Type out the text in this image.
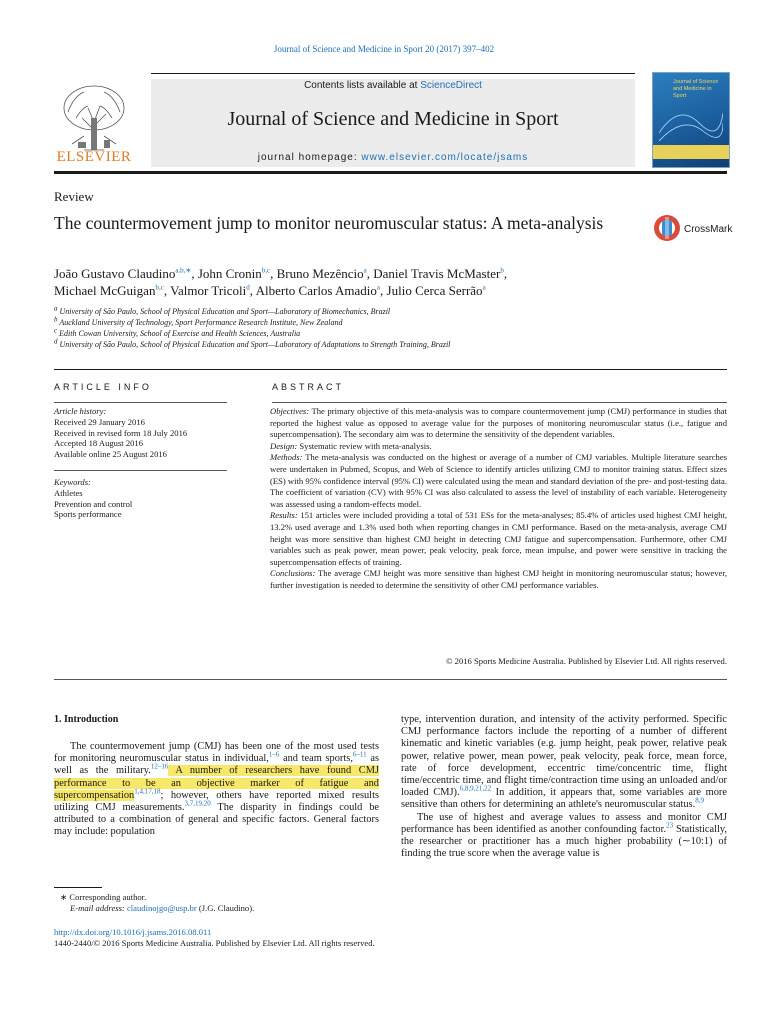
Journal of Science and Medicine in Sport 20 (2017) 397–402
ELSEVIER
Contents lists available at ScienceDirect
Journal of Science and Medicine in Sport
journal homepage: www.elsevier.com/locate/jsams
Journal of Science and Medicine in Sport
Review
The countermovement jump to monitor neuromuscular status: A meta-analysis	CrossMark
João Gustavo Claudino$^{a,b,∗}$, John Cronin$^{b,c}$, Bruno Mezêncio$^a$, Daniel Travis McMaster$^b$,
Michael McGuigan$^{b,c}$, Valmor Tricoli$^d$, Alberto Carlos Amadio$^a$, Julio Cerca Serrão$^a$
$^a$ University of São Paulo, School of Physical Education and Sport—Laboratory of Biomechanics, Brazil
$^b$ Auckland University of Technology, Sport Performance Research Institute, New Zealand
$^c$ Edith Cowan University, School of Exercise and Health Sciences, Australia
$^d$ University of São Paulo, School of Physical Education and Sport—Laboratory of Adaptations to Strength Training, Brazil
ARTICLE INFO
Article history:
Received 29 January 2016
Received in revised form 18 July 2016
Accepted 18 August 2016
Available online 25 August 2016
Keywords:
Athletes
Prevention and control
Sports performance
ABSTRACT
Objectives: The primary objective of this meta-analysis was to compare countermovement jump (CMJ) performance in studies that reported the highest value as opposed to average value for the purposes of monitoring neuromuscular status (i.e., fatigue and supercompensation). The secondary aim was to determine the sensitivity of the dependent variables.
Design: Systematic review with meta-analysis.
Methods: The meta-analysis was conducted on the highest or average of a number of CMJ variables. Multiple literature searches were undertaken in Pubmed, Scopus, and Web of Science to identify articles utilizing CMJ to monitor training status. Effect sizes (ES) with 95% confidence interval (95% CI) were calculated using the mean and standard deviation of the pre- and post-testing data. The coefficient of variation (CV) with 95% CI was also calculated to assess the level of instability of each variable. Heterogeneity was assessed using a random-effects model.
Results: 151 articles were included providing a total of 531 ESs for the meta-analyses; 85.4% of articles used highest CMJ height, 13.2% used average and 1.3% used both when reporting changes in CMJ performance. Based on the meta-analysis, average CMJ height was more sensitive than highest CMJ height in detecting CMJ fatigue and supercompensation. Furthermore, other CMJ variables such as peak power, mean power, peak velocity, peak force, mean impulse, and power were sensitive in tracking the supercompensation effects of training.
Conclusions: The average CMJ height was more sensitive than highest CMJ height in monitoring neuromuscular status; however, further investigation is needed to determine the sensitivity of other CMJ performance variables.
© 2016 Sports Medicine Australia. Published by Elsevier Ltd. All rights reserved.
1. Introduction
The countermovement jump (CMJ) has been one of the most used tests for monitoring neuromuscular status in individual,$^{1-6}$ and team sports,$^{6-11}$ as well as the military.$^{12-16}$ A number of researchers have found CMJ performance to be an objective marker of fatigue and supercompensation$^{1,4,17,18}$; however, others have reported mixed results utilizing CMJ measurements.$^{3,7,19,20}$ The disparity in findings could be attributed to a combination of general and specific factors. General factors may include: population
type, intervention duration, and intensity of the activity performed. Specific CMJ performance factors include the reporting of a number of different kinematic and kinetic variables (e.g. jump height, peak power, relative peak power, relative power, mean power, peak velocity, peak force, mean force, rate of force development, eccentric time/concentric time, flight time/eccentric time, and flight time/contraction time using an unloaded and/or loaded CMJ).$^{6,8,9,21,22}$ In addition, it appears that, some variables are more sensitive than others for determining an athlete's neuromuscular status.$^{8,9}$
The use of highest and average values to assess and monitor CMJ performance has been identified as another confounding factor.$^{23}$ Statistically, the researcher or practitioner has a much higher probability (∼10:1) of finding the true score when the average value is
∗ Corresponding author.
E-mail address: claudinojgo@usp.br (J.G. Claudino).
http://dx.doi.org/10.1016/j.jsams.2016.08.011
1440-2440/© 2016 Sports Medicine Australia. Published by Elsevier Ltd. All rights reserved.
